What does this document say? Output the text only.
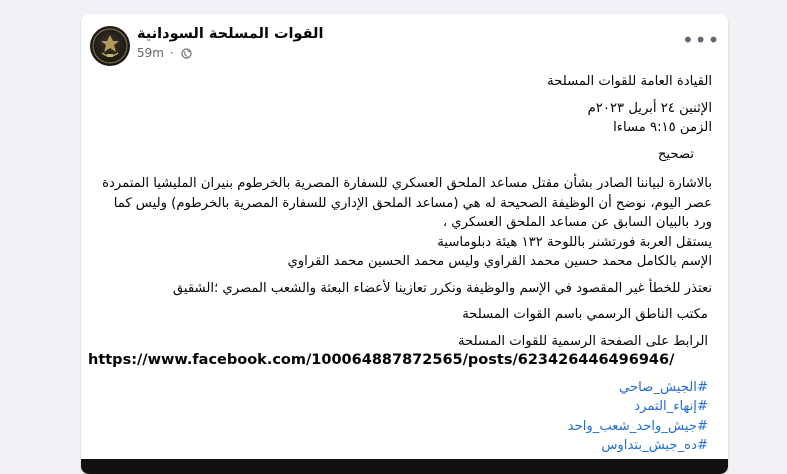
القوات المسلحة السودانية
59m ·
•••

القيادة العامة للقوات المسلحة

الإثنين ٢٤ أبريل ٢٠٢٣م

الزمن ٩:١٥ مساءا

تصحيح

بالاشارة لبياننا الصادر بشأن مقتل مساعد الملحق العسكري للسفارة المصرية بالخرطوم بنيران المليشيا المتمردة

عصر اليوم، نوضح أن الوظيفة الصحيحة له هي (مساعد الملحق الإداري للسفارة المصرية بالخرطوم) وليس كما

ورد بالبيان السابق عن مساعد الملحق العسكري ،

يستقل العربة فورتشنر باللوحة ١٣٢ هيئة دبلوماسية

الإسم بالكامل محمد حسين محمد القراوي وليس محمد الحسين محمد القراوي

نعتذر للخطأ غير المقصود في الإسم والوظيفة ونكرر تعازينا لأعضاء البعثة والشعب المصري ؛الشقيق

مكتب الناطق الرسمي باسم القوات المسلحة

الرابط على الصفحة الرسمية للقوات المسلحة

https://www.facebook.com/100064887872565/posts/623426446496946/

#الجيش_صاحي

#إنهاء_التمرد

#جيش_واحد_شعب_واحد

#ده_جيش_بتداوس
